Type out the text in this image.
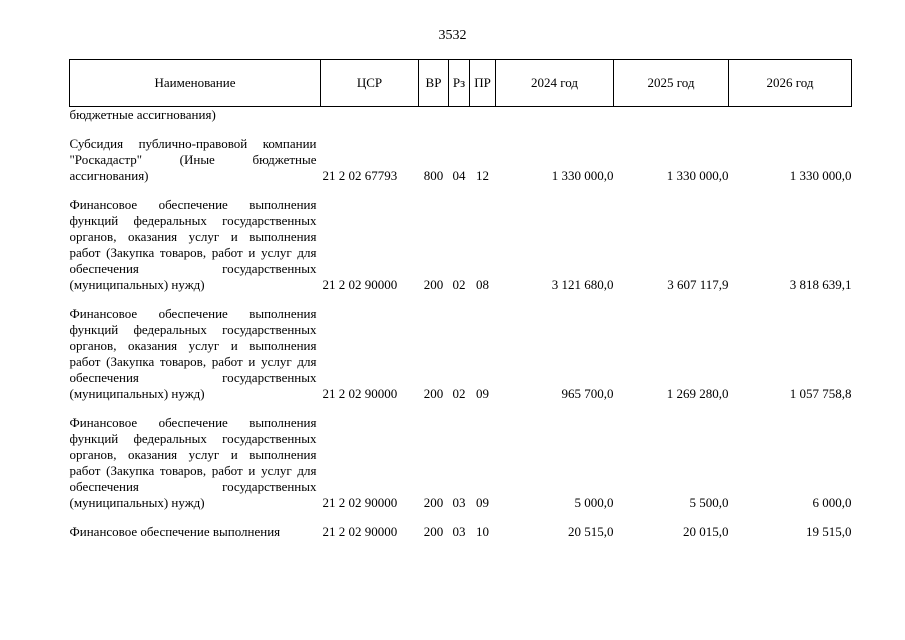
3532
Наименование	ЦСР	ВР	Рз	ПР	2024 год	2025 год	2026 год
бюджетные ассигнования)							

Субсидия публично-правовой компании "Роскадастр" (Иные бюджетные ассигнования)	21 2 02 67793	800	04	12	1 330 000,0	1 330 000,0	1 330 000,0

Финансовое обеспечение выполнения функций федеральных государственных органов, оказания услуг и выполнения работ (Закупка товаров, работ и услуг для обеспечения государственных (муниципальных) нужд)	21 2 02 90000	200	02	08	3 121 680,0	3 607 117,9	3 818 639,1

Финансовое обеспечение выполнения функций федеральных государственных органов, оказания услуг и выполнения работ (Закупка товаров, работ и услуг для обеспечения государственных (муниципальных) нужд)	21 2 02 90000	200	02	09	965 700,0	1 269 280,0	1 057 758,8

Финансовое обеспечение выполнения функций федеральных государственных органов, оказания услуг и выполнения работ (Закупка товаров, работ и услуг для обеспечения государственных (муниципальных) нужд)	21 2 02 90000	200	03	09	5 000,0	5 500,0	6 000,0

Финансовое обеспечение выполнения	21 2 02 90000	200	03	10	20 515,0	20 015,0	19 515,0
